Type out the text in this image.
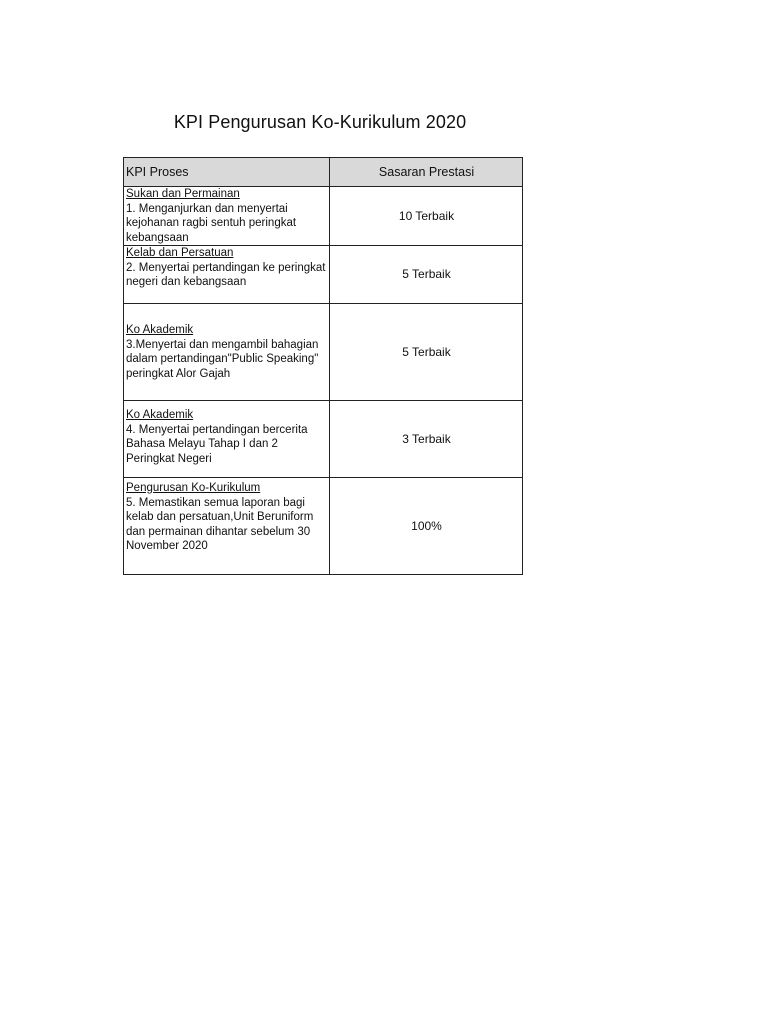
KPI Pengurusan Ko-Kurikulum 2020
KPI Proses	Sasaran Prestasi

Sukan dan Permainan
1. Menganjurkan dan menyertai kejohanan ragbi sentuh peringkat kebangsaan	10 Terbaik

Kelab dan Persatuan
2. Menyertai pertandingan ke peringkat negeri dan kebangsaan	5 Terbaik

Ko Akademik
3.Menyertai dan mengambil bahagian dalam pertandingan"Public Speaking" peringkat Alor Gajah	5 Terbaik

Ko Akademik
4. Menyertai pertandingan bercerita Bahasa Melayu Tahap I dan 2 Peringkat Negeri	3 Terbaik

Pengurusan Ko-Kurikulum
5. Memastikan semua laporan bagi kelab dan persatuan,Unit Beruniform dan permainan dihantar sebelum 30 November 2020	100%
